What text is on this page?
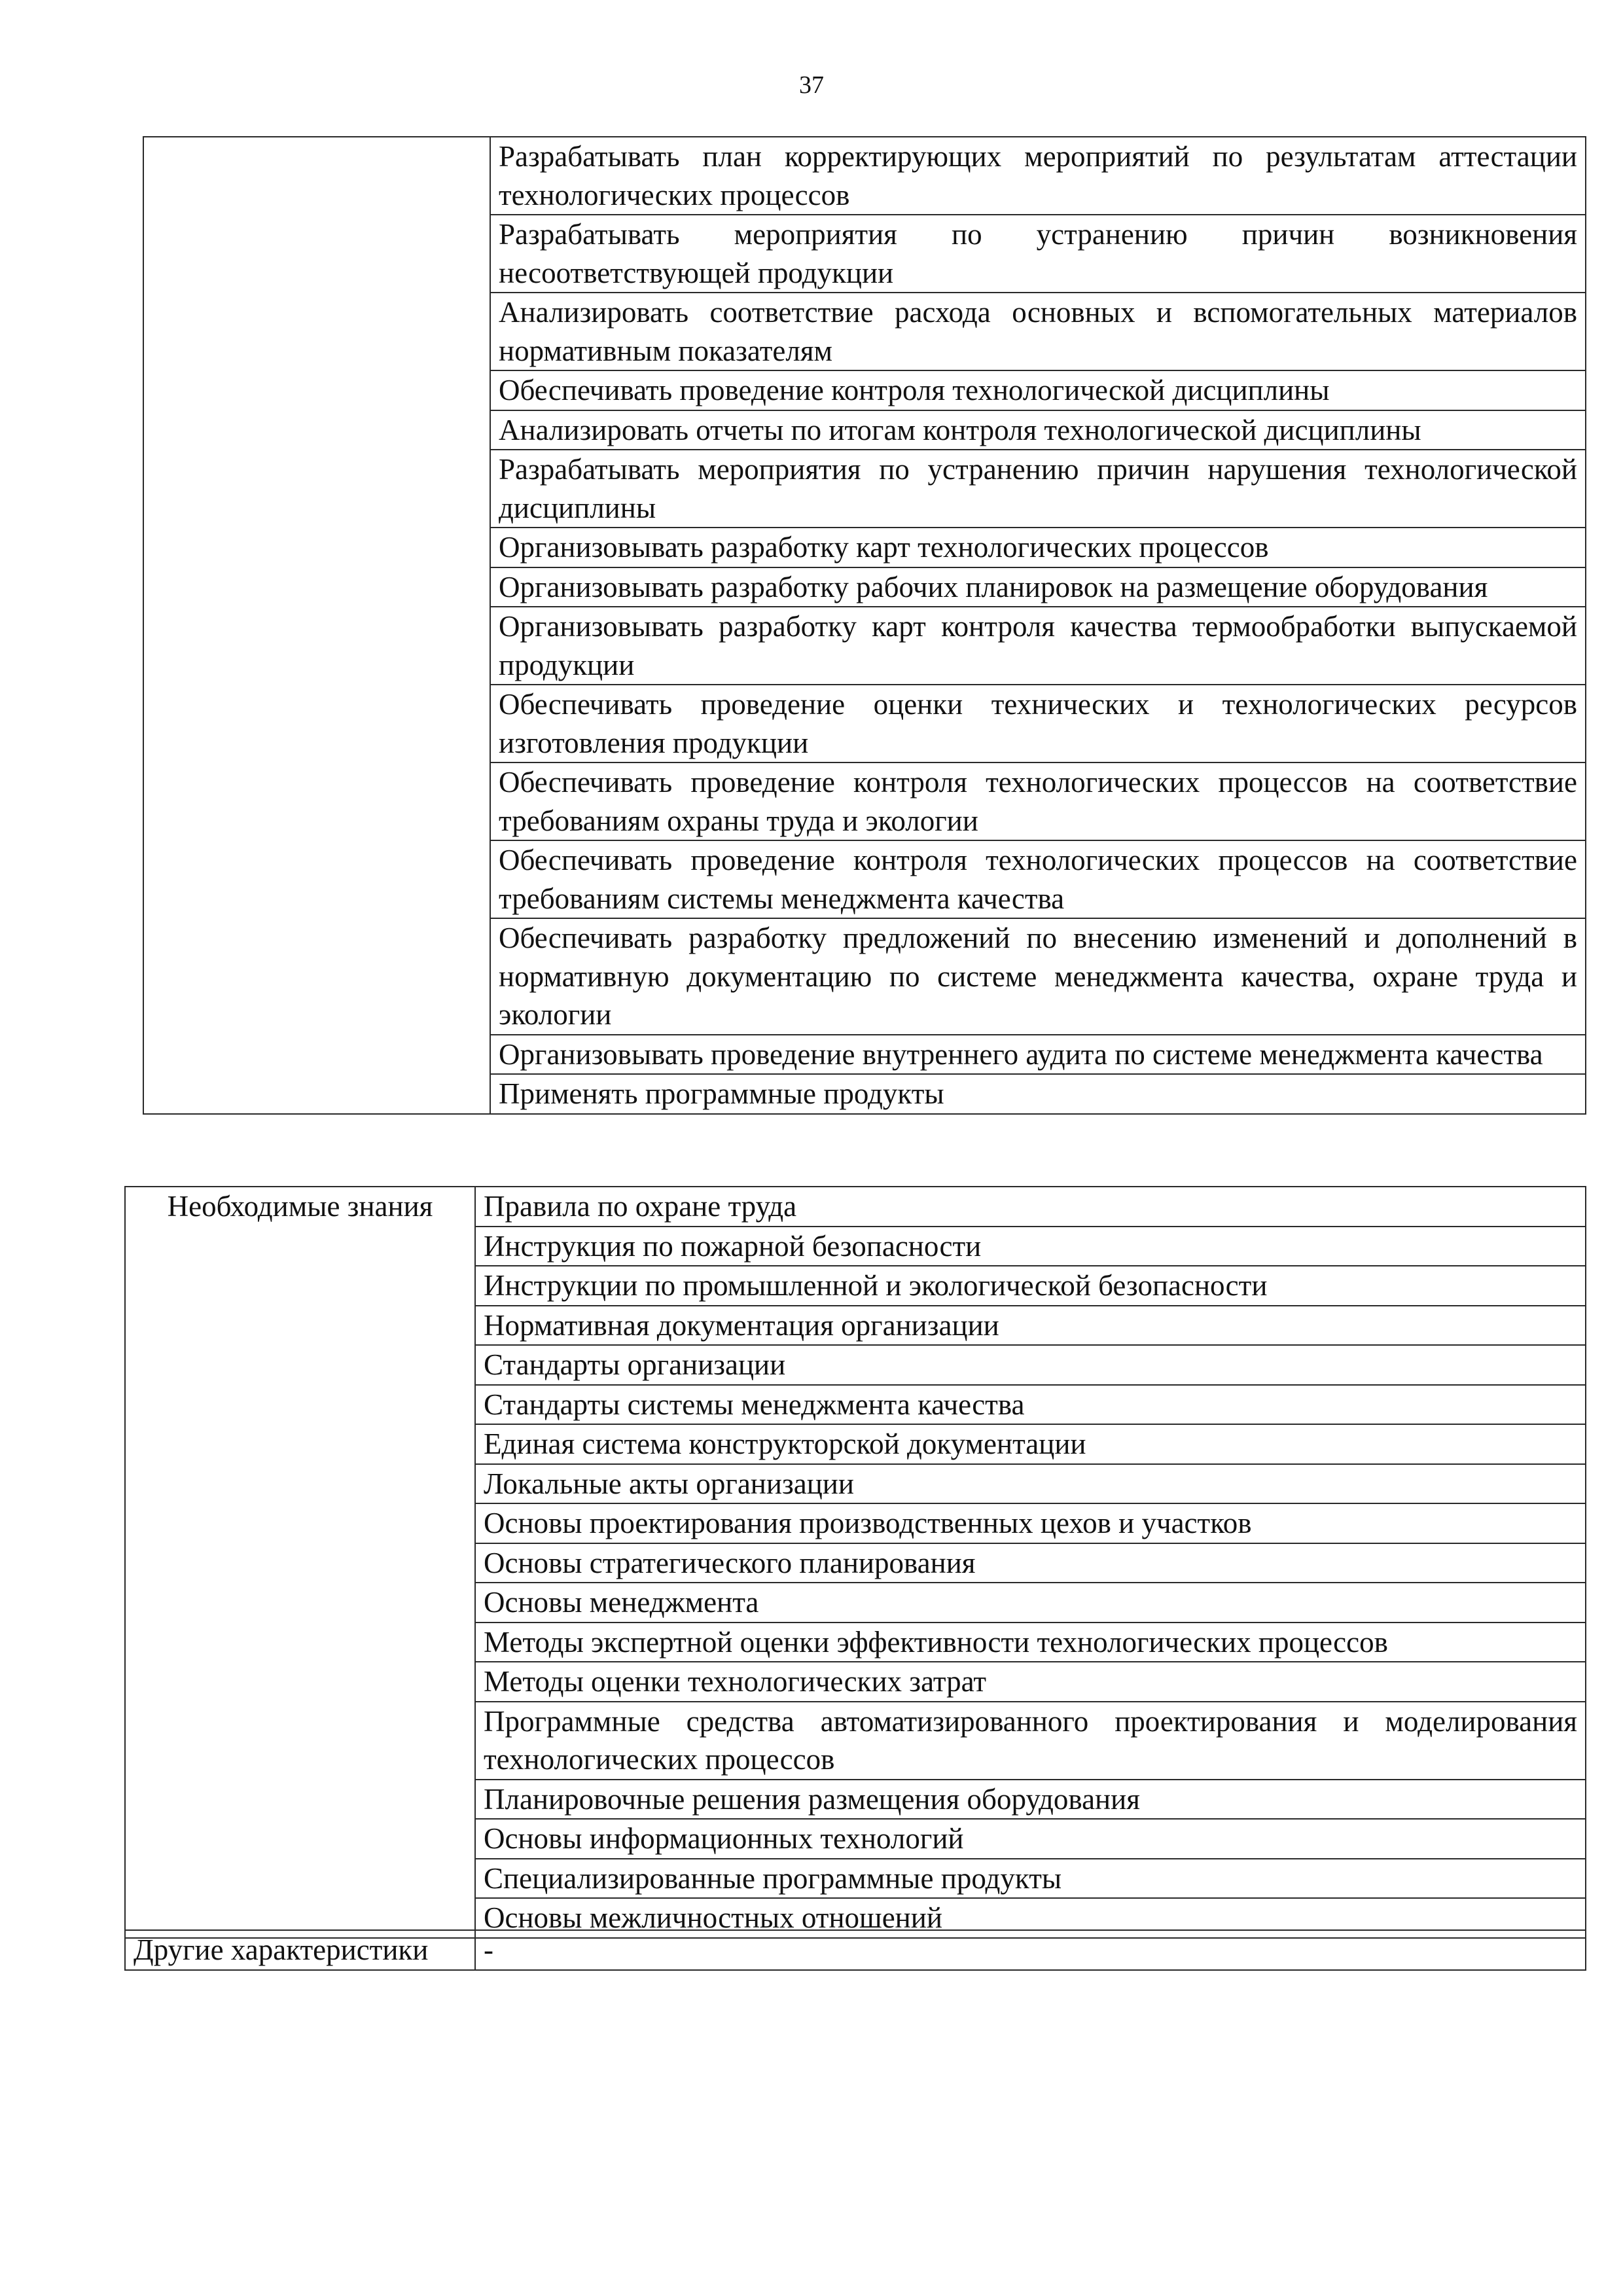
37
	Разрабатывать план корректирующих мероприятий по результатам аттестации технологических процессов
Разрабатывать мероприятия по устранению причин возникновения несоответствующей продукции
Анализировать соответствие расхода основных и вспомогательных материалов нормативным показателям
Обеспечивать проведение контроля технологической дисциплины
Анализировать отчеты по итогам контроля технологической дисциплины
Разрабатывать мероприятия по устранению причин нарушения технологической дисциплины
Организовывать разработку карт технологических процессов
Организовывать разработку рабочих планировок на размещение оборудования
Организовывать разработку карт контроля качества термообработки выпускаемой продукции
Обеспечивать проведение оценки технических и технологических ресурсов изготовления продукции
Обеспечивать проведение контроля технологических процессов на соответствие требованиям охраны труда и экологии
Обеспечивать проведение контроля технологических процессов на соответствие требованиям системы менеджмента качества
Обеспечивать разработку предложений по внесению изменений и дополнений в нормативную документацию по системе менеджмента качества, охране труда и экологии
Организовывать проведение внутреннего аудита по системе менеджмента качества
Применять программные продукты
Необходимые знания	Правила по охране труда
Инструкция по пожарной безопасности
Инструкции по промышленной и экологической безопасности
Нормативная документация организации
Стандарты организации
Стандарты системы менеджмента качества
Единая система конструкторской документации
Локальные акты организации
Основы проектирования производственных цехов и участков
Основы стратегического планирования
Основы менеджмента
Методы экспертной оценки эффективности технологических процессов
Методы оценки технологических затрат
Программные средства автоматизированного проектирования и моделирования технологических процессов
Планировочные решения размещения оборудования
Основы информационных технологий
Специализированные программные продукты
Основы межличностных отношений
Другие характеристики	-
